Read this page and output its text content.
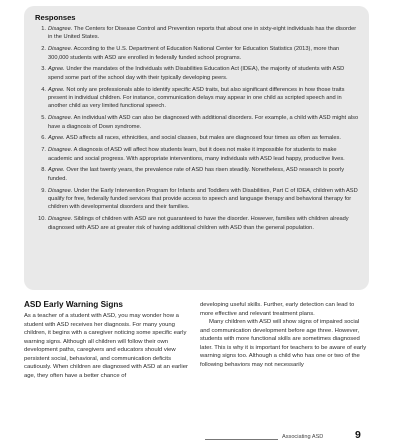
Responses
1. Disagree. The Centers for Disease Control and Prevention reports that about one in sixty-eight individuals has the disorder in the United States.
2. Disagree. According to the U.S. Department of Education National Center for Education Statistics (2013), more than 300,000 students with ASD are enrolled in federally funded school programs.
3. Agree. Under the mandates of the Individuals with Disabilities Education Act (IDEA), the majority of students with ASD spend some part of the school day with their typically developing peers.
4. Agree. Not only are professionals able to identify specific ASD traits, but also significant differences in how those traits present in individual children. For instance, communication delays may appear in one child as scripted speech and in another child as very limited functional speech.
5. Disagree. An individual with ASD can also be diagnosed with additional disorders. For example, a child with ASD might also have a diagnosis of Down syndrome.
6. Agree. ASD affects all races, ethnicities, and social classes, but males are diagnosed four times as often as females.
7. Disagree. A diagnosis of ASD will affect how students learn, but it does not make it impossible for students to make academic and social progress. With appropriate interventions, many individuals with ASD lead happy, productive lives.
8. Agree. Over the last twenty years, the prevalence rate of ASD has risen steadily. Nonetheless, ASD research is poorly funded.
9. Disagree. Under the Early Intervention Program for Infants and Toddlers with Disabilities, Part C of IDEA, children with ASD qualify for free, federally funded services that provide access to speech and language therapy and behavioral therapy for children with developmental disorders and their families.
10. Disagree. Siblings of children with ASD are not guaranteed to have the disorder. However, families with children already diagnosed with ASD are at greater risk of having additional children with ASD than the general population.
ASD Early Warning Signs

As a teacher of a student with ASD, you may wonder how a student with ASD receives her diagnosis. For many young children, it begins with a caregiver noticing some specific early warning signs. Although all children will follow their own development paths, caregivers and educators should view persistent social, behavioral, and communication deficits cautiously. When children are diagnosed with ASD at an earlier age, they often have a better chance of

developing useful skills. Further, early detection can lead to more effective and relevant treatment plans.

Many children with ASD will show signs of impaired social and communication development before age three. However, students with more functional skills are sometimes diagnosed later. This is why it is important for teachers to be aware of early warning signs too. Although a child who has one or two of the following behaviors may not necessarily

Associating ASD	9
